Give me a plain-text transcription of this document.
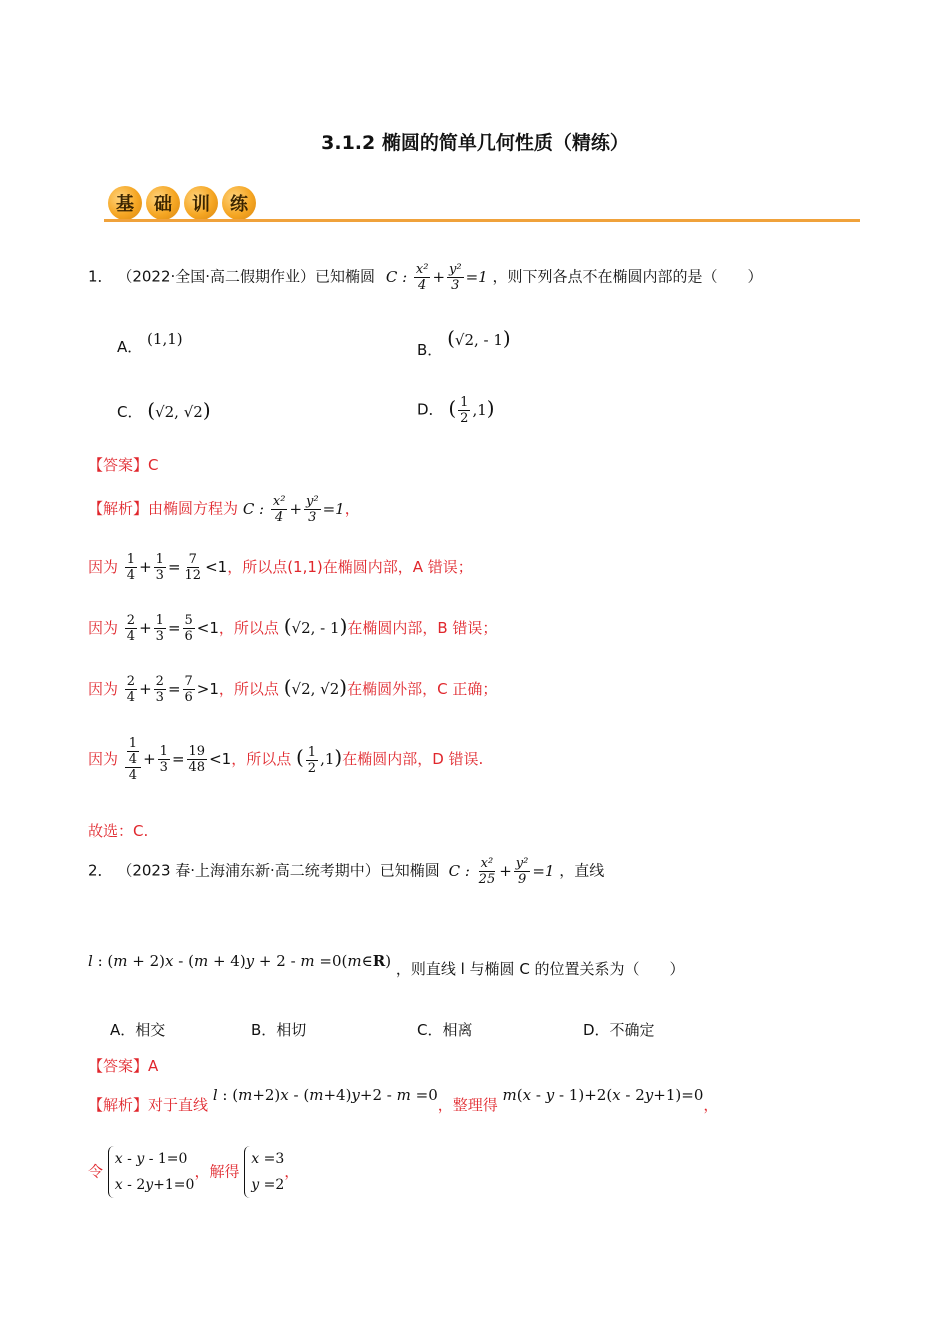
3.1.2 椭圆的简单几何性质（精练）
基	础	训	练
1． （2022·全国·高二假期作业）已知椭圆 C : $\frac{\text{x²}}{4} + \frac{\text{y²}}{3} =1$ ，则下列各点不在椭圆内部的是（　　）
A． (1,1)
B． (√2, - 1)
C． (√2, √2)	D． ( $\frac{1}{2} ,1$)
【答案】C
【解析】由椭圆方程为 C : $\frac{\text{x²}}{4} + \frac{\text{y²}}{3} =1$，
因为 $\frac{1}{4} + \frac{1}{3} = \frac{7}{12} <1$，所以点(1,1)在椭圆内部，A 错误；
因为 $\frac{2}{4} + \frac{1}{3} = \frac{5}{6} <1$，所以点 (√2, - 1)在椭圆内部，B 错误；
因为 $\frac{2}{4} + \frac{2}{3} = \frac{7}{6} >1$，所以点 (√2, √2)在椭圆外部，C 正确；
因为 $\frac{\frac{1}{4}}{4} + \frac{1}{3} = \frac{19}{48} <1$，所以点 ( $\frac{1}{2} ,1$)在椭圆内部，D 错误.
故选：C.
2． （2023 春·上海浦东新·高二统考期中）已知椭圆 C : $\frac{\text{x²}}{25} + \frac{\text{y²}}{9} =1$ ，直线
l : (m + 2)x - (m + 4)y + 2 - m =0(m∈R) ，则直线 l 与椭圆 C 的位置关系为（　　）
A．相交	B．相切	C．相离	D．不确定
【答案】A
【解析】对于直线 l : (m+2)x - (m+4)y+2 - m =0，整理得 m(x - y - 1)+2(x - 2y+1)=0，
令 x - y - 1=0
x - 2y+1=0，解得 x =3
y =2，
